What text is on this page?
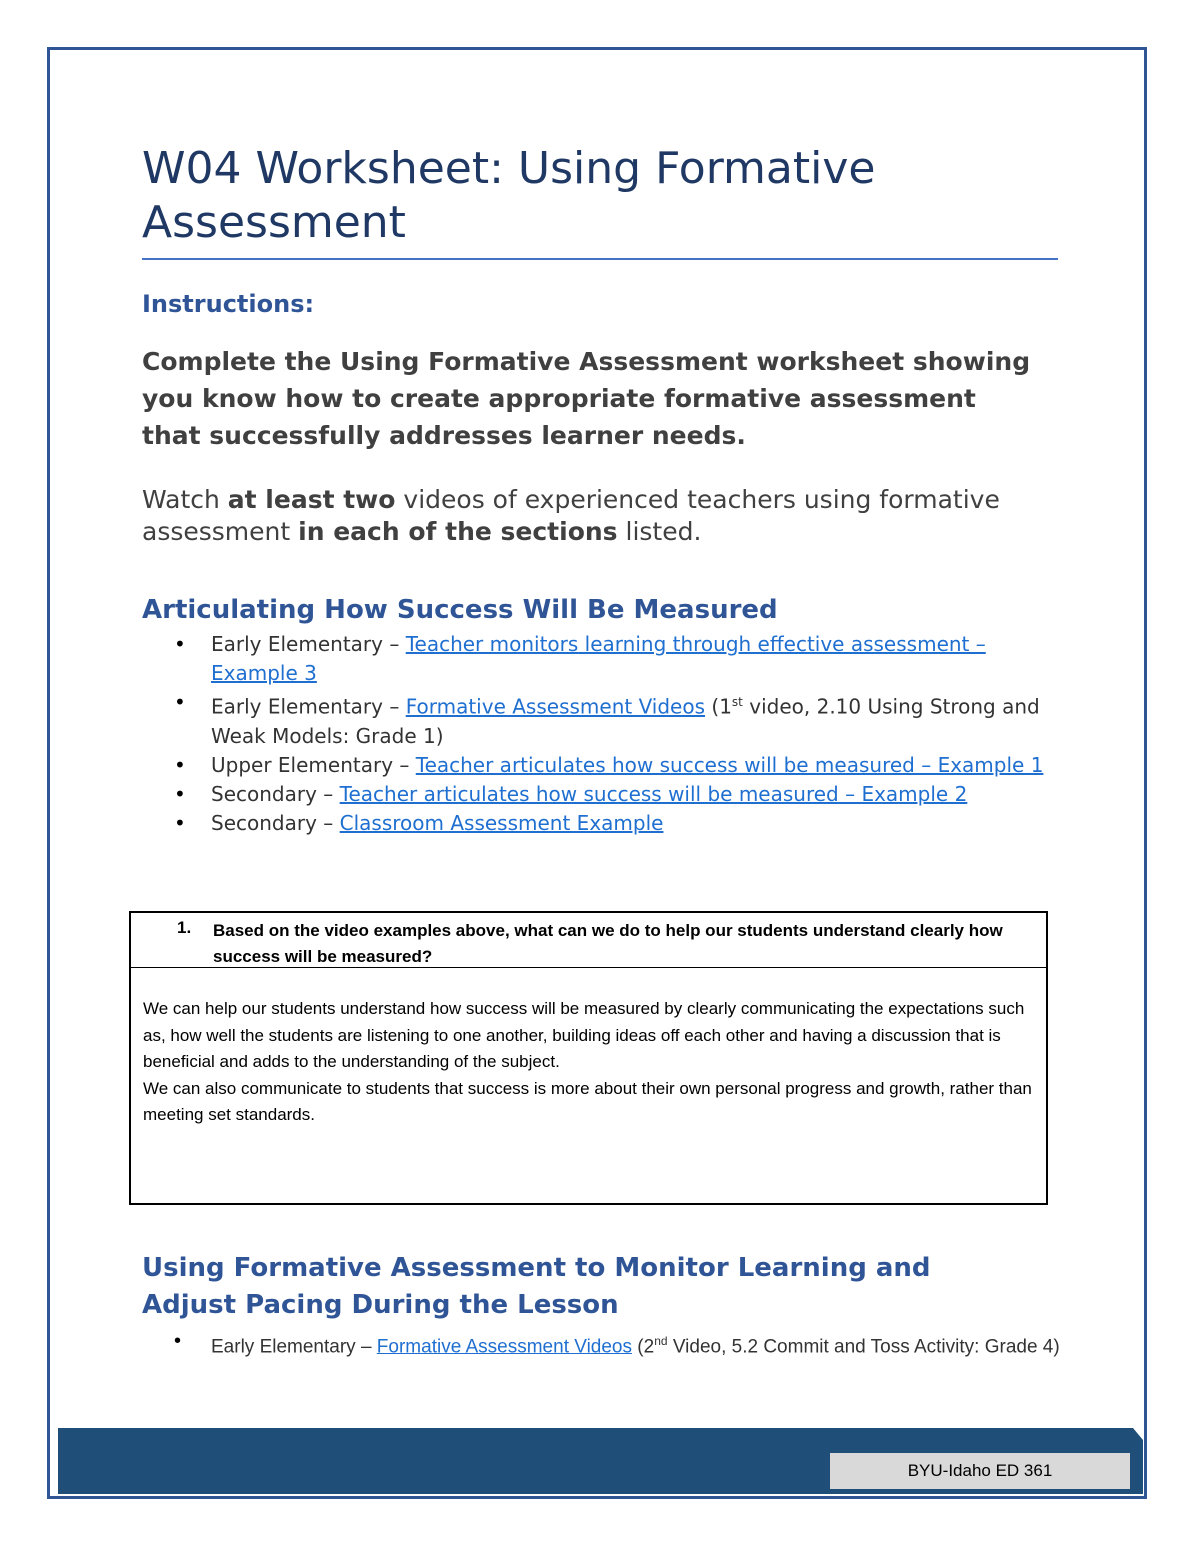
W04 Worksheet: Using Formative Assessment
Instructions:

Complete the Using Formative Assessment worksheet showing you know how to create appropriate formative assessment that successfully addresses learner needs.

Watch at least two videos of experienced teachers using formative assessment in each of the sections listed.

Articulating How Success Will Be Measured
• Early Elementary – Teacher monitors learning through effective assessment – Example 3
• Early Elementary – Formative Assessment Videos (1st video, 2.10 Using Strong and Weak Models: Grade 1)
• Upper Elementary – Teacher articulates how success will be measured – Example 1
• Secondary – Teacher articulates how success will be measured – Example 2
• Secondary – Classroom Assessment Example
1. Based on the video examples above, what can we do to help our students understand clearly how success will be measured?

We can help our students understand how success will be measured by clearly communicating the expectations such as, how well the students are listening to one another, building ideas off each other and having a discussion that is beneficial and adds to the understanding of the subject.

We can also communicate to students that success is more about their own personal progress and growth, rather than meeting set standards.

Using Formative Assessment to Monitor Learning and Adjust Pacing During the Lesson
• Early Elementary – Formative Assessment Videos (2nd Video, 5.2 Commit and Toss Activity: Grade 4)
BYU-Idaho ED 361
